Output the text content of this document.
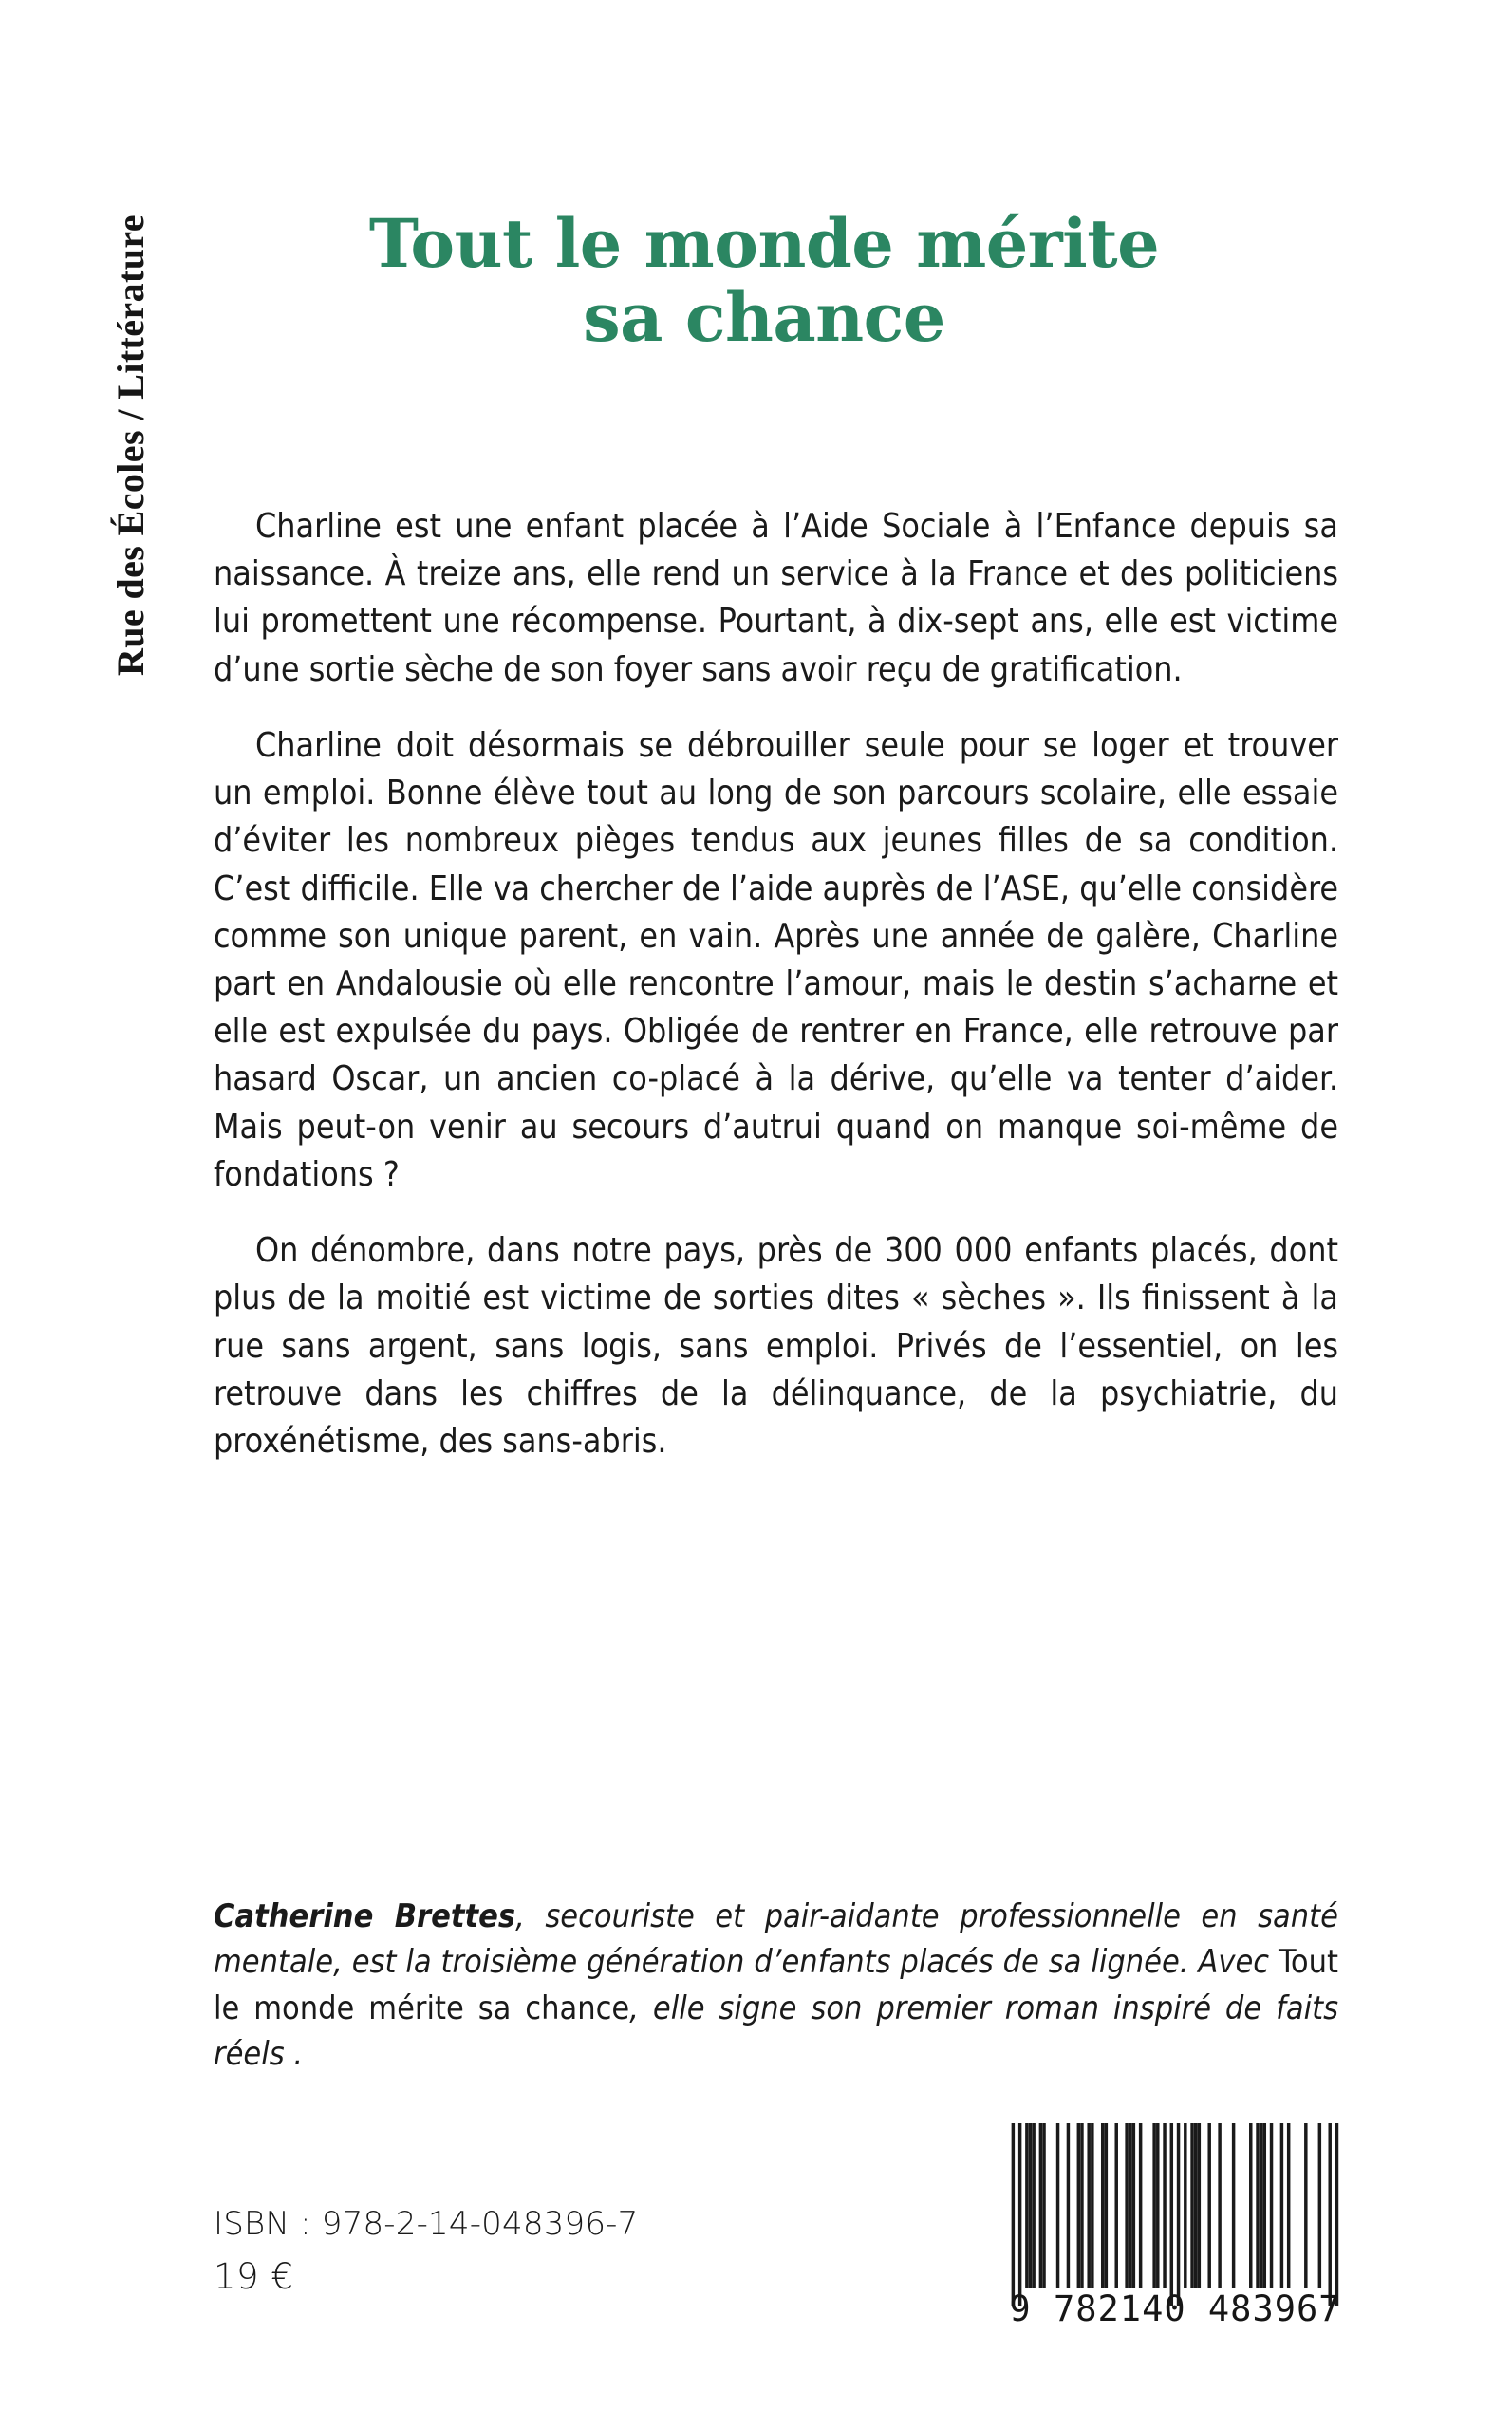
Rue des Écoles / Littérature	Tout le monde mérite
sa chance

Charline est une enfant placée à l’Aide Sociale à l’Enfance depuis sa naissance. À treize ans, elle rend un service à la France et des politiciens lui promettent une récompense. Pourtant, à dix-sept ans, elle est victime d’une sortie sèche de son foyer sans avoir reçu de gratification.

Charline doit désormais se débrouiller seule pour se loger et trouver un emploi. Bonne élève tout au long de son parcours scolaire, elle essaie d’éviter les nombreux pièges tendus aux jeunes filles de sa condition. C’est difficile. Elle va chercher de l’aide auprès de l’ASE, qu’elle considère comme son unique parent, en vain. Après une année de galère, Charline part en Andalousie où elle rencontre l’amour, mais le destin s’acharne et elle est expulsée du pays. Obligée de rentrer en France, elle retrouve par hasard Oscar, un ancien co-placé à la dérive, qu’elle va tenter d’aider. Mais peut-on venir au secours d’autrui quand on manque soi-même de fondations ?

On dénombre, dans notre pays, près de 300 000 enfants placés, dont plus de la moitié est victime de sorties dites « sèches ». Ils finissent à la rue sans argent, sans logis, sans emploi. Privés de l’essentiel, on les retrouve dans les chiffres de la délinquance, de la psychiatrie, du proxénétisme, des sans-abris.

Catherine Brettes, secouriste et pair-aidante professionnelle en santé mentale, est la troisième génération d’enfants placés de sa lignée. Avec Tout le monde mérite sa chance, elle signe son premier roman inspiré de faits réels .
ISBN : 978-2-14-048396-7
19 €
9 782140 483967
